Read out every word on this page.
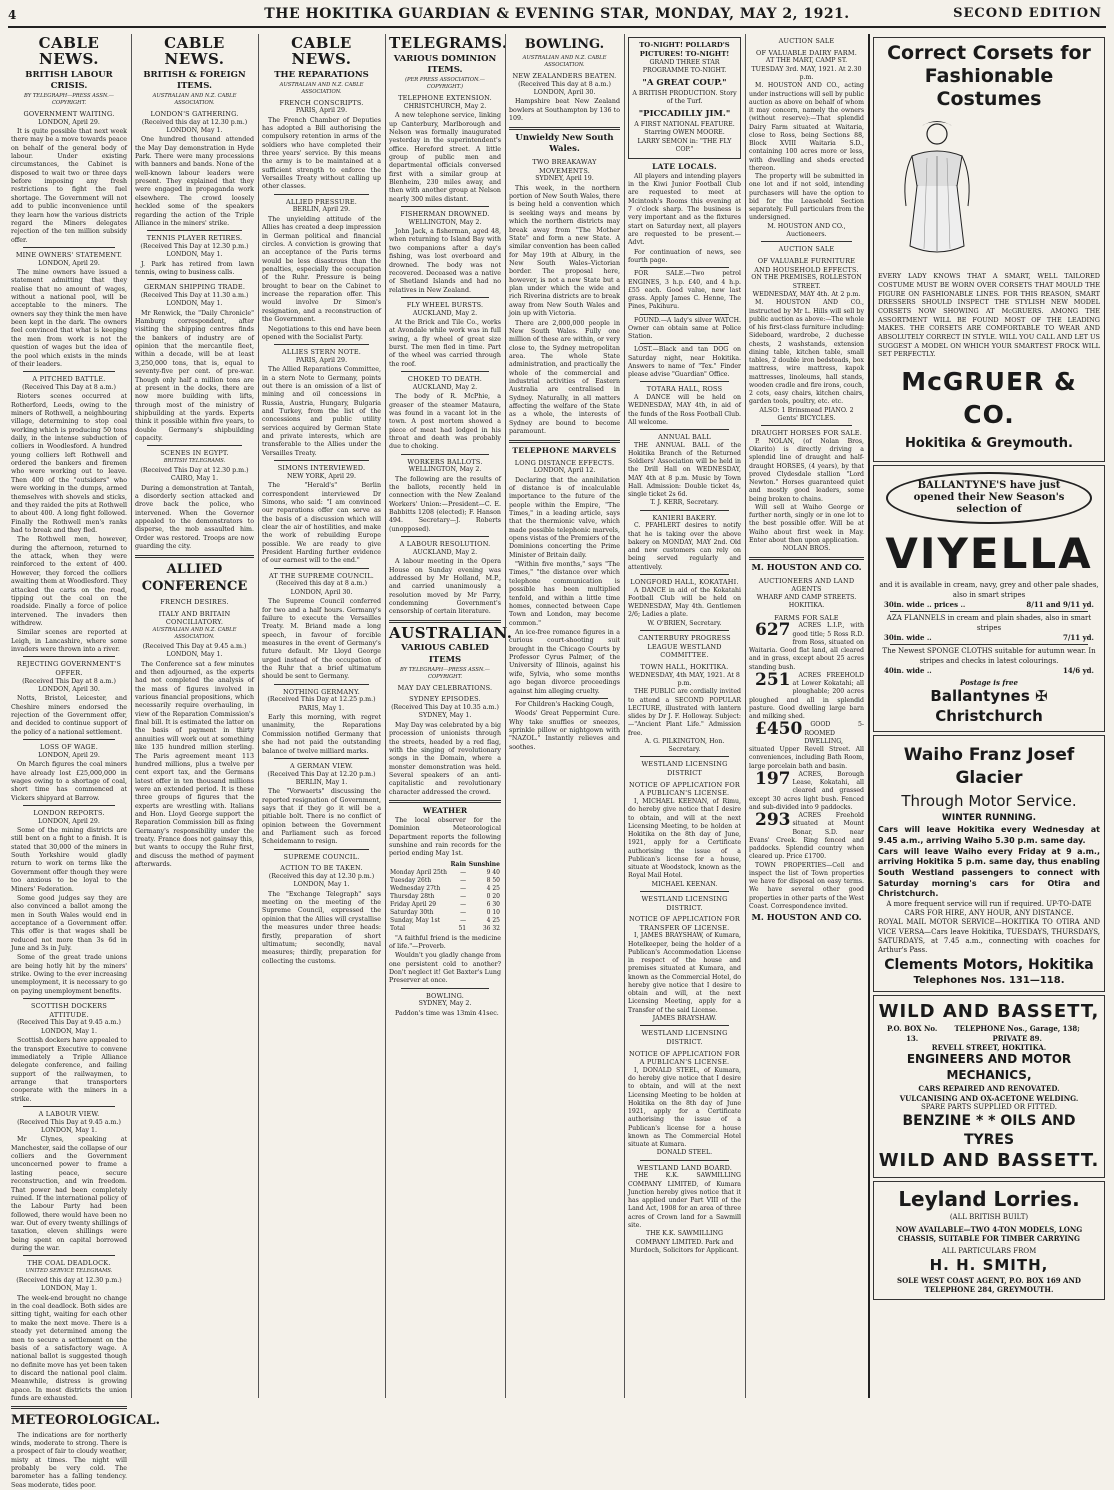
4	THE HOKITIKA GUARDIAN & EVENING STAR, MONDAY, MAY 2, 1921.	SECOND EDITION
CABLE NEWS.
BRITISH LABOUR CRISIS.
BY TELEGRAPH—PRESS ASSN.—COPYRIGHT.
GOVERNMENT WAITING.
LONDON, April 29.
It is quite possible that next week there may be a move towards peace on behalf of the general body of labour. Under existing circumstances, the Cabinet is disposed to wait two or three days before imposing any fresh restrictions to fight the fuel shortage. The Government will not add to public inconvenience until they learn how the various districts regard the Miners delegates rejection of the ten million subsidy offer.
MINE OWNERS' STATEMENT.
LONDON, April 29.
The mine owners have issued a statement admitting that they realise that no amount of wages, without a national pool, will be acceptable to the miners. The owners say they think the men have been kept in the dark. The owners feel convinced that what is keeping the men from work is not the question of wages but the idea of the pool which exists in the minds of their leaders.
A PITCHED BATTLE.
(Received This Day at 8 a.m.)
Rioters scenes occurred at Rotherford, Leeds, owing to the miners of Rothwell, a neighbouring village, determining to stop coal working which is producing 50 tons daily, in the intense subduction of colliers in Woodlesford. A hundred young colliers left Rothwell and ordered the bankers and firemen who were working out to leave. Then 400 of the "outsiders" who were working in the dumps, armed themselves with shovels and sticks, and they raided the pits at Rothwell to about 400. A long fight followed. Finally the Rothwell men's ranks had to break and they fled.
The Rothwell men, however, during the afternoon, returned to the attack, when they were reinforced to the extent of 400. However, they forced the colliers awaiting them at Woodlesford. They attacked the carts on the road, tipping out the coal on the roadside. Finally a force of police intervened. The invaders then withdrew.
Similar scenes are reported at Leigh, in Lancashire, where some invaders were thrown into a river.
REJECTING GOVERNMENT'S OFFER.
(Received This Day at 8 a.m.) LONDON, April 30.
Notts, Bristol, Leicester, and Cheshire miners endorsed the rejection of the Government offer, and decided to continue support of the policy of a national settlement.
LOSS OF WAGE.
LONDON, April 29.
On March figures the coal miners have already lost £25,000,000 in wages owing to a shortage of coal, short time has commenced at Vickers shipyard at Barrow.
LONDON REPORTS.
LONDON, April 29.
Some of the mining districts are still bent on a fight to a finish. It is stated that 30,000 of the miners in South Yorkshire would gladly return to work on terms like the Government offer though they were too anxious to be loyal to the Miners' Federation.
Some good judges say they are also convinced a ballot among the men in South Wales would end in acceptance of a Government offer. This offer is that wages shall be reduced not more than 3s 6d in June and 3s in July.
Some of the great trade unions are being hotly hit by the miners' strike. Owing to the ever increasing unemployment, it is necessary to go on paying unemployment benefits.
SCOTTISH DOCKERS ATTITUDE.
(Received This Day at 9.45 a.m.) LONDON, May 1.
Scottish dockers have appealed to the transport Executive to convene immediately a Triple Alliance delegate conference, and failing support of the railwaymen, to arrange that transporters cooperate with the miners in a strike.
A LABOUR VIEW.
(Received This Day at 9.45 a.m.) LONDON, May 1.
Mr Clynes, speaking at Manchester, said the collapse of our colliers and the Government unconcerned power to frame a lasting peace, secure reconstruction, and win freedom. That power had been completely ruined. If the international policy of the Labour Party had been followed, there would have been no war. Out of every twenty shillings of taxation, eleven shillings were being spent on capital borrowed during the war.
THE COAL DEADLOCK.
UNITED SERVICE TELEGRAMS.
(Received this day at 12.30 p.m.) LONDON, May 1.
The week-end brought no change in the coal deadlock. Both sides are sitting tight, waiting for each other to make the next move. There is a steady yet determined among the men to secure a settlement on the basis of a satisfactory wage. A national ballot is suggested though no definite move has yet been taken to discard the national pool claim. Meanwhile, distress is growing apace. In most districts the union funds are exhausted.
METEOROLOGICAL.
The indications are for northerly winds, moderate to strong. There is a prospect of fair to cloudy weather, misty at times. The night will probably be very cold. The barometer has a falling tendency. Seas moderate, tides poor.
CABLE NEWS.
BRITISH & FOREIGN ITEMS.
AUSTRALIAN AND N.Z. CABLE ASSOCIATION.
LONDON'S GATHERING.
(Received this day at 12.30 p.m.) LONDON, May 1.
One hundred thousand attended the May Day demonstration in Hyde Park. There were many processions with banners and bands. None of the well-known labour leaders were present. They explained that they were engaged in propaganda work elsewhere. The crowd loosely heckled some of the speakers regarding the action of the Triple Alliance in the miners' strike.
TENNIS PLAYER RETIRES.
(Received This Day at 12.30 p.m.) LONDON, May 1.
J. Park has retired from lawn tennis, owing to business calls.
GERMAN SHIPPING TRADE.
(Received This Day at 11.30 a.m.) LONDON, May 1.
Mr Renwick, the "Daily Chronicle" Hamburg correspondent, after visiting the shipping centres finds the bankers of industry are of opinion that the mercantile fleet, within a decade, will be at least 3,250,000 tons, that is, equal to seventy-five per cent. of pre-war. Though only half a million tons are at present in the docks, there are now more building with lifts, through most of the ministry of shipbuilding at the yards. Experts think it possible within five years, to double Germany's shipbuilding capacity.
SCENES IN EGYPT.
BRITISH TELEGRAMS.
(Received This Day at 12.30 p.m.) CAIRO, May 1.
During a demonstration at Tantah, a disorderly section attacked and drove back the police, who intervened. When the Governor appealed to the demonstrators to disperse, the mob assaulted him. Order was restored. Troops are now guarding the city.
ALLIED CONFERENCE
FRENCH DESIRES.
ITALY AND BRITAIN CONCILIATORY.
AUSTRALIAN AND N.Z. CABLE ASSOCIATION.
(Received This Day at 9.45 a.m.) LONDON, May 1.
The Conference sat a few minutes and then adjourned, as the experts had not completed the analysis of the mass of figures involved in various financial propositions, which necessarily require overhauling, in view of the Reparation Commission's final bill. It is estimated the latter on the basis of payment in thirty annuities will work out at something like 135 hundred million sterling. The Paris agreement meant 113 hundred millions, plus a twelve per cent export tax, and the Germans latest offer in ten thousand millions were an extended period. It is these three groups of figures that the experts are wrestling with. Italians and Hon. Lloyd George support the Reparation Commission bill as fixing Germany's responsibility under the treaty. France does not gainsay this, but wants to occupy the Ruhr first, and discuss the method of payment afterwards.
CABLE NEWS.
THE REPARATIONS
AUSTRALIAN AND N.Z. CABLE ASSOCIATION.
FRENCH CONSCRIPTS.
PARIS, April 29.
The French Chamber of Deputies has adopted a Bill authorising the compulsory retention in arms of the soldiers who have completed their three years' service. By this means the army is to be maintained at a sufficient strength to enforce the Versailles Treaty without calling up other classes.
ALLIED PRESSURE.
BERLIN, April 29.
The unyielding attitude of the Allies has created a deep impression in German political and financial circles. A conviction is growing that an acceptance of the Paris terms would be less disastrous than the penalties, especially the occupation of the Ruhr. Pressure is being brought to bear on the Cabinet to increase the reparation offer. This would involve Dr Simon's resignation, and a reconstruction of the Government.
Negotiations to this end have been opened with the Socialist Party.
ALLIES STERN NOTE.
PARIS, April 29.
The Allied Reparations Committee, in a stern Note to Germany, points out there is an omission of a list of mining and oil concessions in Russia, Austria, Hungary, Bulgaria and Turkey, from the list of the concessions and public utility services acquired by German State and private interests, which are transferable to the Allies under the Versailles Treaty.
SIMONS INTERVIEWED.
NEW YORK, April 29.
The "Herald's" Berlin correspondent interviewed Dr Simons, who said: "I am convinced our reparations offer can serve as the basis of a discussion which will clear the air of hostilities, and make the work of rebuilding Europe possible. We are ready to give President Harding further evidence of our earnest will to the end."
AT THE SUPREME COUNCIL.
(Received this day at 8 a.m.) LONDON, April 30.
The Supreme Council conferred for two and a half hours. Germany's failure to execute the Versailles Treaty. M. Briand made a long speech, in favour of forcible measures in the event of Germany's future default. Mr Lloyd George urged instead of the occupation of the Ruhr that a brief ultimatum should be sent to Germany.
NOTHING GERMANY.
(Received This Day at 12.25 p.m.) PARIS, May 1.
Early this morning, with regret unanimity, the Reparations Commission notified Germany that she had not paid the outstanding balance of twelve milliard marks.
A GERMAN VIEW.
(Received This Day at 12.20 p.m.) BERLIN, May 1.
The "Vorwaerts" discussing the reported resignation of Government, says that if they go it will be a pitiable bolt. There is no conflict of opinion between the Government and Parliament such as forced Scheidemann to resign.
SUPREME COUNCIL.
ACTION TO BE TAKEN.
(Received this day at 12.30 p.m.) LONDON, May 1.
The "Exchange Telegraph" says meeting on the meeting of the Supreme Council, expressed the opinion that the Allies will crystallise the measures under three heads: firstly, preparation of short ultimatum; secondly, naval measures; thirdly, preparation for collecting the customs.
TELEGRAMS.
VARIOUS DOMINION ITEMS.
(PER PRESS ASSOCIATION.—COPYRIGHT.)
TELEPHONE EXTENSION.
CHRISTCHURCH, May 2.
A new telephone service, linking up Canterbury, Marlborough and Nelson was formally inaugurated yesterday in the superintendent's office. Hereford street. A little group of public men and departmental officials conversed first with a similar group at Blenheim, 230 miles away, and then with another group at Nelson nearly 300 miles distant.
FISHERMAN DROWNED.
WELLINGTON, May 2.
John Jack, a fisherman, aged 48, when returning to Island Bay with two companions after a day's fishing, was lost overboard and drowned. The body was not recovered. Deceased was a native of Shetland Islands and had no relatives in New Zealand.
FLY WHEEL BURSTS.
AUCKLAND, May 2.
At the Brick and Tile Co., works at Avondale while work was in full swing, a fly wheel of great size burst. The men fled in time. Part of the wheel was carried through the roof.
CHOKED TO DEATH.
AUCKLAND, May 2.
The body of R. McPhie, a greaser of the steamer Mataura, was found in a vacant lot in the town. A post mortem showed a piece of meat had lodged in his throat and death was probably due to choking.
WORKERS BALLOTS.
WELLINGTON, May 2.
The following are the results of the ballots, recently held in connection with the New Zealand Workers' Union:—President—C. E. Babbitts 1208 (elected); F. Hanson 494. Secretary—J. Roberts (unopposed).
A LABOUR RESOLUTION.
AUCKLAND, May 2.
A labour meeting in the Opera House on Sunday evening was addressed by Mr Holland, M.P., and carried unanimously a resolution moved by Mr Parry, condemning Government's censorship of certain literature.
AUSTRALIAN.
VARIOUS CABLED ITEMS
BY TELEGRAPH—PRESS ASSN.—COPYRIGHT.
MAY DAY CELEBRATIONS.
SYDNEY EPISODES.
(Received This Day at 10.35 a.m.) SYDNEY, May 1.
May Day was celebrated by a big procession of unionists through the streets, headed by a red flag, with the singing of revolutionary songs in the Domain, where a monster demonstration was held. Several speakers of an anti-capitalistic and revolutionary character addressed the crowd.
WEATHER
The local observer for the Dominion Meteorological Department reports the following sunshine and rain records for the period ending May 1st.
	Rain	Sunshine
Monday April 25th	—	9 40
Tuesday 26th	—	8 50
Wednesday 27th	—	4 25
Thursday 28th	—	0 20
Friday April 29	—	6 30
Saturday 30th	—	0 10
Sunday, May 1st	—	4 25
Total	51	36 32
"A faithful friend is the medicine of life."—Proverb.
Wouldn't you gladly change from one persistent cold to another? Don't neglect it! Get Baxter's Lung Preserver at once.
BOWLING.
SYDNEY, May 2.
Paddon's time was 13min 41sec.
BOWLING.
AUSTRALIAN AND N.Z. CABLE ASSOCIATION.
NEW ZEALANDERS BEATEN.
(Received This day at 8 a.m.) LONDON, April 30.
Hampshire beat New Zealand bowlers at Southampton by 136 to 109.
Unwieldy New South Wales.
TWO BREAKAWAY MOVEMENTS.
SYDNEY, April 19.
This week, in the northern portion of New South Wales, there is being held a convention which is seeking ways and means by which the northern districts may break away from "The Mother State" and form a new State. A similar convention has been called for May 19th at Albury, in the New South Wales–Victorian border. The proposal here, however, is not a new State but a plan under which the wide and rich Riverina districts are to break away from New South Wales and join up with Victoria.
There are 2,000,000 people in New South Wales. Fully one million of these are within, or very close to, the Sydney metropolitan area. The whole State administration, and practically the whole of the commercial and industrial activities of Eastern Australia are centralised in Sydney. Naturally, in all matters affecting the welfare of the State as a whole, the interests of Sydney are bound to become paramount.
TELEPHONE MARVELS
LONG DISTANCE EFFECTS.
LONDON, April 12.
Declaring that the annihilation of distance is of incalculable importance to the future of the people within the Empire, "The Times," in a leading article, says that the thermionic valve, which made possible telephonic marvels, opens vistas of the Premiers of the Dominions concerting the Prime Minister of Britain daily.
"Within five months," says "The Times," "the distance over which telephone communication is possible has been multiplied tenfold, and within a little time homes, connected between Cape Town and London, may become common."
An ice-free romance figures in a curious court-shooting suit brought in the Chicago Courts by Professor Cyrus Palmer, of the University of Illinois, against his wife, Sylvia, who some months ago began divorce proceedings against him alleging cruelty.
For Children's Hacking Cough,
Woods' Great Peppermint Cure. Why take snuffles or sneezes, sprinkle pillow or nightgown with "NAZOL." Instantly relieves and soothes.
TO-NIGHT! POLLARD'S PICTURES! TO-NIGHT!
GRAND THREE STAR PROGRAMME TO-NIGHT.
"A GREAT COUP."
A BRITISH PRODUCTION. Story of the Turf.
"PICCADILLY JIM."
A FIRST NATIONAL FEATURE. Starring OWEN MOORE.
LARRY SEMON in: "THE FLY COP."
LATE LOCALS.
All players and intending players in the Kiwi Junior Football Club are requested to meet at Mcintosh's Rooms this evening at 7 o'clock sharp. The business is very important and as the fixtures start on Saturday next, all players are requested to be present.—Advt.
For continuation of news, see fourth page.
FOR SALE.—Two petrol ENGINES, 3 h.p. £40, and 4 h.p. £55 each. Good value, new last grass. Apply James C. Henne, The Pines, Pakihuru.
FOUND.—A lady's silver WATCH. Owner can obtain same at Police Station.
LOST.—Black and tan DOG on Saturday night, near Hokitika. Answers to name of "Tex." Finder please advise "Guardian" Office.
TOTARA HALL, ROSS
A DANCE will be held on WEDNESDAY, MAY 4th, in aid of the funds of the Ross Football Club. All welcome.
ANNUAL BALL
THE ANNUAL BALL of the Hokitika Branch of the Returned Soldiers' Association will be held in the Drill Hall on WEDNESDAY, MAY 4th at 8 p.m. Music by Town Hall. Admission: Double ticket 4s, single ticket 2s 6d.
T. J. KERR, Secretary.
KANIERI BAKERY.
C. PFAHLERT desires to notify that he is taking over the above bakery on MONDAY, MAY 2nd. Old and new customers can rely on being served regularly and attentively.
LONGFORD HALL, KOKATAHI.
A DANCE in aid of the Kokatahi Football Club will be held on WEDNESDAY, May 4th. Gentlemen 2/6; Ladies a plate.
W. O'BRIEN, Secretary.
CANTERBURY PROGRESS LEAGUE WESTLAND COMMITTEE.
TOWN HALL, HOKITIKA.
WEDNESDAY, 4th MAY, 1921. At 8 p.m.
THE PUBLIC are cordially invited to attend a SECOND POPULAR LECTURE, illustrated with lantern slides by Dr J. F. Holloway. Subject:—"Ancient Plant Life." Admission free.
A. G. PILKINGTON, Hon. Secretary.
WESTLAND LICENSING DISTRICT
NOTICE OF APPLICATION FOR A PUBLICAN'S LICENSE.
I, MICHAEL KEENAN, of Rimu, do hereby give notice that I desire to obtain, and will at the next Licensing Meeting, to be holden at Hokitika on the 8th day of June, 1921, apply for a Certificate authorising the issue of a Publican's license for a house, situate at Woodstock, known as the Royal Mail Hotel.
MICHAEL KEENAN.
WESTLAND LICENSING DISTRICT.
NOTICE OF APPLICATION FOR TRANSFER OF LICENSE.
I, JAMES BRAYSHAW, of Kumara, Hotelkeeper, being the holder of a Publican's Accommodation License in respect of the house and premises situated at Kumara, and known as the Commercial Hotel, do hereby give notice that I desire to obtain and will, at the next Licensing Meeting, apply for a Transfer of the said License.
JAMES BRAYSHAW.
WESTLAND LICENSING DISTRICT.
NOTICE OF APPLICATION FOR A PUBLICAN'S LICENSE.
I, DONALD STEEL, of Kumara, do hereby give notice that I desire to obtain, and will at the next Licensing Meeting to be holden at Hokitika on the 8th day of June 1921, apply for a Certificate authorising the issue of a Publican's license for a house known as The Commercial Hotel situate at Kumara.
DONALD STEEL.
WESTLAND LAND BOARD.
THE K.K. SAWMILLING COMPANY LIMITED, of Kumara Junction hereby gives notice that it has applied under Part VIII of the Land Act, 1908 for an area of three acres of Crown land for a Sawmill site.
THE K.K. SAWMILLING COMPANY LIMITED. Park and Murdoch, Solicitors for Applicant.
AUCTION SALE
OF VALUABLE DAIRY FARM.
AT THE MART, CAMP ST.
TUESDAY 3rd. MAY, 1921. At 2.30 p.m.
M. HOUSTON AND CO., acting under instructions will sell by public auction as above on behalf of whom it may concern, namely the owners (without reserve):—That splendid Dairy Farm situated at Waitaria, close to Ross, being Sections 88, Block XVIII Waitaria S.D., containing 100 acres more or less, with dwelling and sheds erected thereon.
The property will be submitted in one lot and if not sold, intending purchasers will have the option to bid for the Leasehold Section separately. Full particulars from the undersigned.
M. HOUSTON AND CO., Auctioneers.
AUCTION SALE
OF VALUABLE FURNITURE AND HOUSEHOLD EFFECTS.
ON THE PREMISES, ROLLESTON STREET.
WEDNESDAY, MAY 4th. At 2 p.m.
M. HOUSTON AND CO., instructed by Mr L. Hills will sell by public auction as above:—The whole of his first-class furniture including: Sideboard, wardrobe, 2 duchesse chests, 2 washstands, extension dining table, kitchen table, small tables, 2 double iron bedsteads, box mattress, wire mattress, kapok mattresses, linoleums, hall stands, wooden cradle and fire irons, couch, 2 cots, easy chairs, kitchen chairs, garden tools, poultry, etc. etc.
ALSO: 1 Brinsmead PIANO. 2 Gents' BICYCLES.
DRAUGHT HORSES FOR SALE.
P. NOLAN, (of Nolan Bros, Okarito) is directly driving a splendid line of draught and half-draught HORSES, (4 years), by that proved Clydesdale stallion "Lord Newton." Horses guaranteed quiet and mostly good leaders, some being broken to chains.
Will sell at Waiho George or further north, singly or in one lot to the best possible offer. Will be at Waiho about first week in May. Enter about then upon application.
NOLAN BROS.
M. HOUSTON AND CO.
AUCTIONEERS AND LAND AGENTS
WHARF AND CAMP STREETS. HOKITIKA.
FARMS FOR SALE
627 ACRES L.I.P., with good title; 5 Ross R.D. from Ross, situated on Waitaria. Good flat land, all cleared and in grass, except about 25 acres standing bush.
251 ACRES FREEHOLD at Lower Kokatahi; all ploughable; 200 acres ploughed and all in splendid pasture. Good dwelling large barn and milking shed.
£450 GOOD 5-ROOMED DWELLING, situated Upper Revell Street. All conveniences, including Bath Room, large porcelain bath and basin.
197 ACRES, Borough Lease, Kokatahi, all cleared and grassed except 30 acres light bush. Fenced and sub-divided into 9 paddocks.
293 ACRES Freehold situated at Mount Bonar, S.D. near Evans' Creek. Ring fenced and paddocks. Splendid country when cleared up. Price £1700.
TOWN PROPERTIES—Cell and inspect the list of Town properties we have for disposal on easy terms. We have several other good properties in other parts of the West Coast. Correspondence invited.
M. HOUSTON AND CO.
Correct Corsets for Fashionable Costumes
EVERY LADY KNOWS THAT A SMART, WELL TAILORED COSTUME MUST BE WORN OVER CORSETS THAT MOULD THE FIGURE ON FASHIONABLE LINES. FOR THIS REASON, SMART DRESSERS SHOULD INSPECT THE STYLISH NEW MODEL CORSETS NOW SHOWING AT McGRUERS. AMONG THE ASSORTMENT WILL BE FOUND MOST OF THE LEADING MAKES. THE CORSETS ARE COMFORTABLE TO WEAR AND ABSOLUTELY CORRECT IN STYLE. WILL YOU CALL AND LET US SUGGEST A MODEL ON WHICH YOUR SMARTEST FROCK WILL SET PERFECTLY.
McGRUER & CO.
Hokitika & Greymouth.
BALLANTYNE'S have just opened their New Season's selection of
VIYELLA
and it is available in cream, navy, grey and other pale shades, also in smart stripes
30in. wide .. prices ..	8/11 and 9/11 yd.
AZA FLANNELS in cream and plain shades, also in smart stripes
30in. wide ..	7/11 yd.
The Newest SPONGE CLOTHS suitable for autumn wear. In stripes and checks in latest colourings.
40in. wide ..	14/6 yd.
Postage is free
Ballantynes ✠ Christchurch
Waiho Franz Josef Glacier
Through Motor Service.
WINTER RUNNING.
Cars will leave Hokitika every Wednesday at 9.45 a.m., arriving Waiho 5.30 p.m. same day.
Cars will leave Waiho every Friday at 9 a.m., arriving Hokitika 5 p.m. same day, thus enabling South Westland passengers to connect with Saturday morning's cars for Otira and Christchurch.
A more frequent service will run if required. UP-TO-DATE CARS FOR HIRE, ANY HOUR, ANY DISTANCE.
ROYAL MAIL MOTOR SERVICE—HOKITIKA TO OTIRA AND VICE VERSA—Cars leave Hokitika, TUESDAYS, THURSDAYS, SATURDAYS, at 7.45 a.m., connecting with coaches for Arthur's Pass.
Clements Motors, Hokitika
Telephones Nos. 131—118.
WILD AND BASSETT,
P.O. BOX No. 13.
TELEPHONE Nos., Garage, 138; PRIVATE 89.
REVELL STREET, HOKITIKA.
ENGINEERS AND MOTOR MECHANICS,
CARS REPAIRED AND RENOVATED.
VULCANISING AND OX-ACETONE WELDING.
SPARE PARTS SUPPLIED OR FITTED.
BENZINE * * OILS AND TYRES
WILD AND BASSETT.
Leyland Lorries.
(ALL BRITISH BUILT)
NOW AVAILABLE—TWO 4-TON MODELS, LONG CHASSIS, SUITABLE FOR TIMBER CARRYING
ALL PARTICULARS FROM
H. H. SMITH,
SOLE WEST COAST AGENT, P.O. BOX 169 AND TELEPHONE 284, GREYMOUTH.
